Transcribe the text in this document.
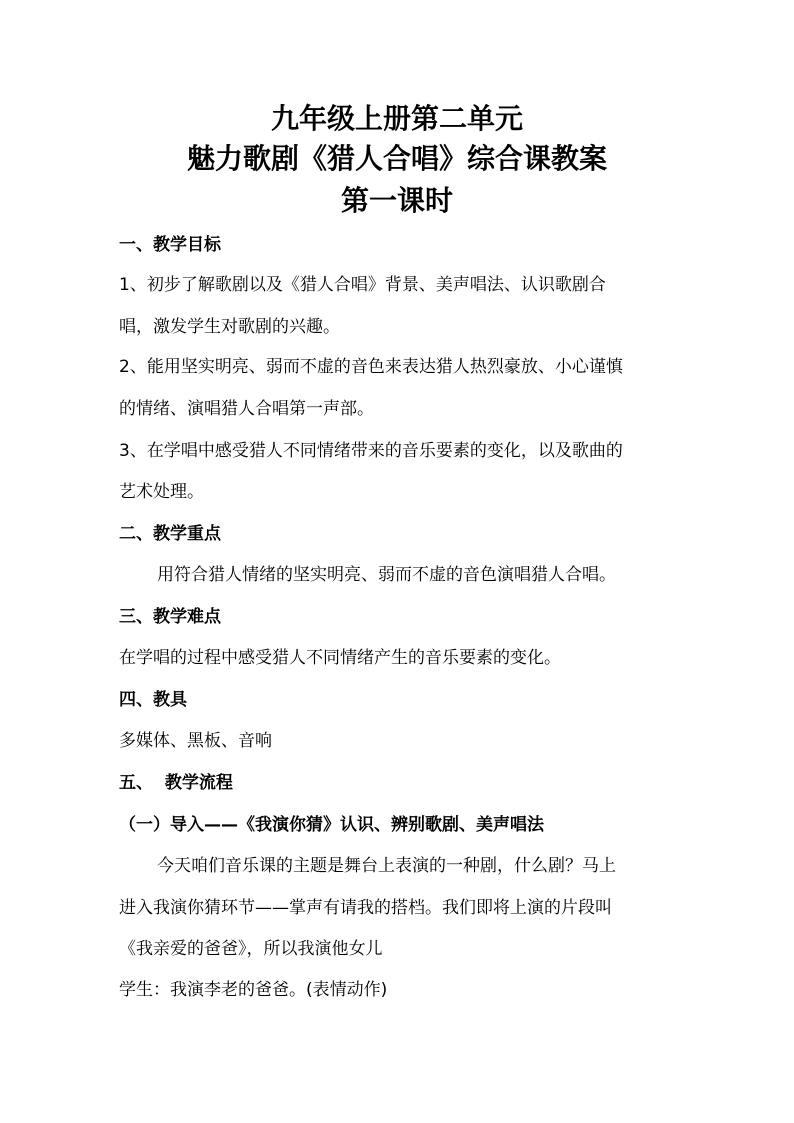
九年级上册第二单元
魅力歌剧《猎人合唱》综合课教案
第一课时
一、教学目标
1、初步了解歌剧以及《猎人合唱》背景、美声唱法、认识歌剧合
唱，激发学生对歌剧的兴趣。
2、能用坚实明亮、弱而不虚的音色来表达猎人热烈豪放、小心谨慎
的情绪、演唱猎人合唱第一声部。
3、在学唱中感受猎人不同情绪带来的音乐要素的变化，以及歌曲的
艺术处理。
二、教学重点
用符合猎人情绪的坚实明亮、弱而不虚的音色演唱猎人合唱。
三、教学难点
在学唱的过程中感受猎人不同情绪产生的音乐要素的变化。
四、教具
多媒体、黑板、音响
五、  教学流程
（一）导入——《我演你猜》认识、辨别歌剧、美声唱法
今天咱们音乐课的主题是舞台上表演的一种剧，什么剧？马上
进入我演你猜环节——掌声有请我的搭档。我们即将上演的片段叫
《我亲爱的爸爸》，所以我演他女儿
学生：我演李老的爸爸。(表情动作)
